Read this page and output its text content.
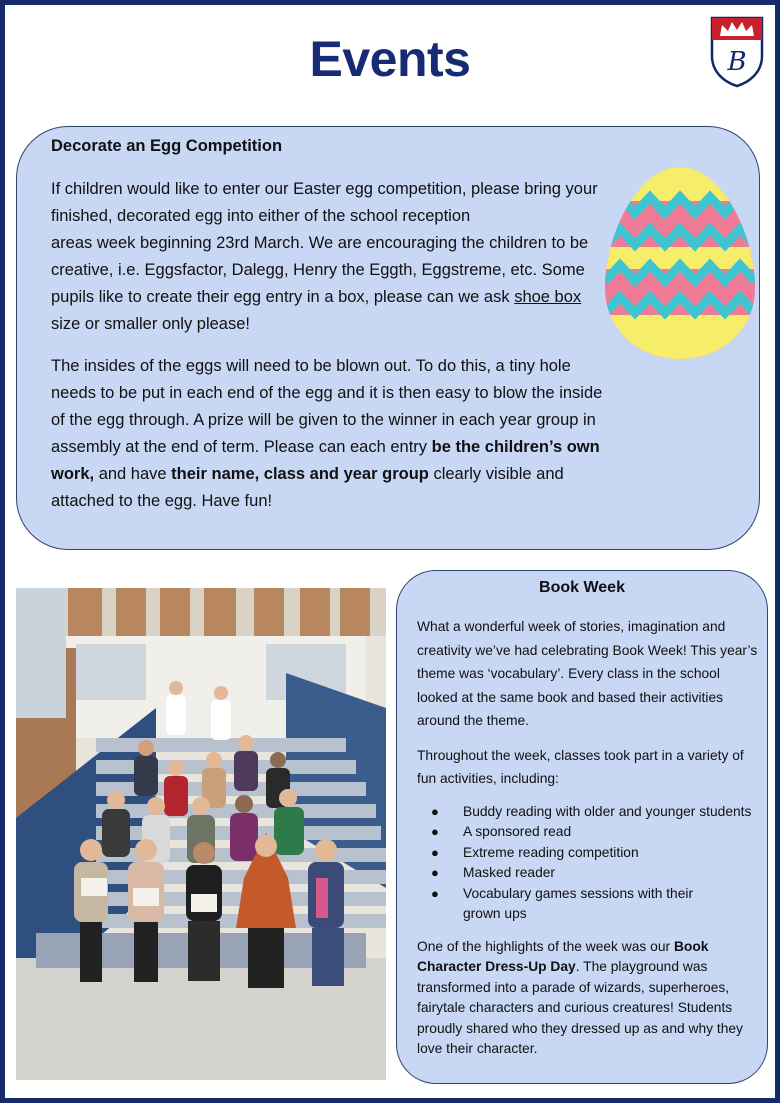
Events	B
Decorate an Egg Competition

If children would like to enter our Easter egg competition, please bring your
finished, decorated egg into either of the school reception
areas week beginning 23rd March. We are encouraging the children to be
creative, i.e. Eggsfactor, Dalegg, Henry the Eggth, Eggstreme, etc. Some
pupils like to create their egg entry in a box, please can we ask shoe box
size or smaller only please!

The insides of the eggs will need to be blown out. To do this, a tiny hole
needs to be put in each end of the egg and it is then easy to blow the inside
of the egg through. A prize will be given to the winner in each year group in
assembly at the end of term. Please can each entry be the children’s own
work, and have their name, class and year group clearly visible and
attached to the egg. Have fun!

Book Week

What a wonderful week of stories, imagination and
creativity we’ve had celebrating Book Week! This year’s
theme was ‘vocabulary’. Every class in the school
looked at the same book and based their activities
around the theme.

Throughout the week, classes took part in a variety of
fun activities, including:

● Buddy reading with older and younger students
● A sponsored read
● Extreme reading competition
● Masked reader
● Vocabulary games sessions with their grown ups

One of the highlights of the week was our Book
Character Dress-Up Day. The playground was
transformed into a parade of wizards, superheroes,
fairytale characters and curious creatures! Students
proudly shared who they dressed up as and why they
love their character.
